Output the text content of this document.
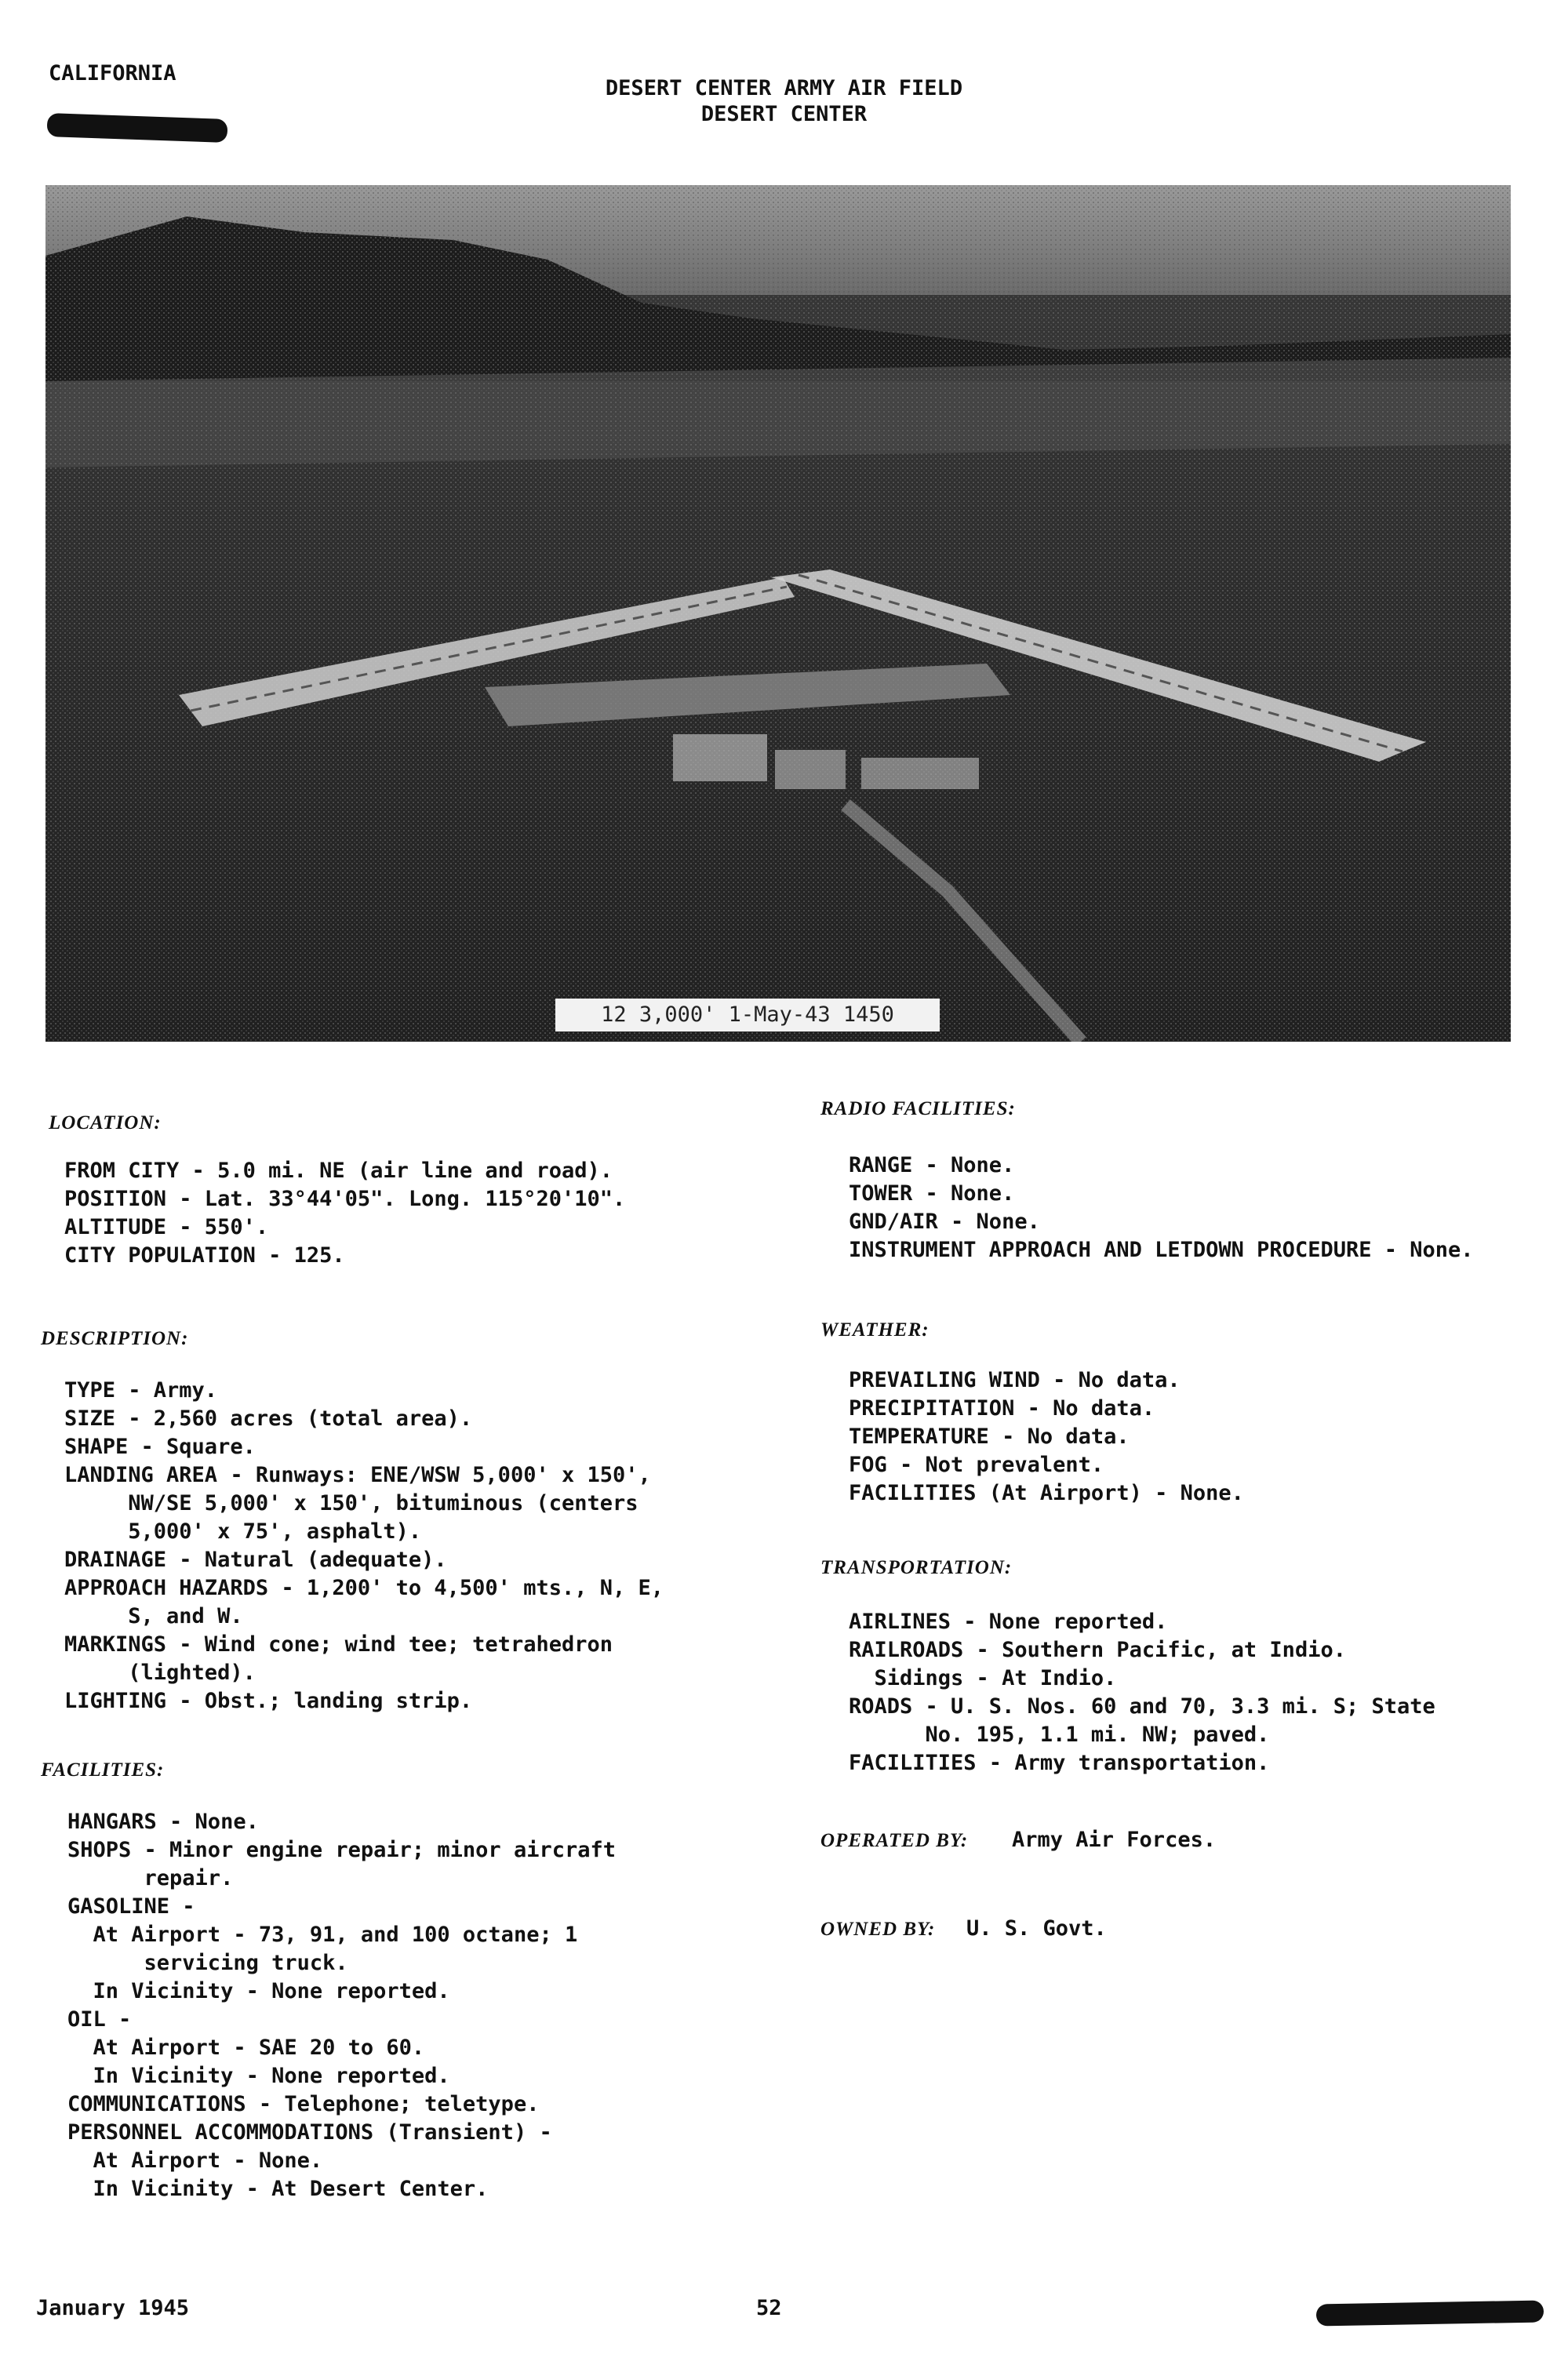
CALIFORNIA
DESERT CENTER ARMY AIR FIELD
DESERT CENTER
12 3,000' 1-May-43 1450
LOCATION:
FROM CITY - 5.0 mi. NE (air line and road).
POSITION - Lat. 33°44'05". Long. 115°20'10".
ALTITUDE - 550'.
CITY POPULATION - 125.
DESCRIPTION:
TYPE - Army.
SIZE - 2,560 acres (total area).
SHAPE - Square.
LANDING AREA - Runways: ENE/WSW 5,000' x 150',
NW/SE 5,000' x 150', bituminous (centers
5,000' x 75', asphalt).
DRAINAGE - Natural (adequate).
APPROACH HAZARDS - 1,200' to 4,500' mts., N, E,
S, and W.
MARKINGS - Wind cone; wind tee; tetrahedron
(lighted).
LIGHTING - Obst.; landing strip.
FACILITIES:
HANGARS - None.
SHOPS - Minor engine repair; minor aircraft
repair.
GASOLINE -
At Airport - 73, 91, and 100 octane; 1
servicing truck.
In Vicinity - None reported.
OIL -
At Airport - SAE 20 to 60.
In Vicinity - None reported.
COMMUNICATIONS - Telephone; teletype.
PERSONNEL ACCOMMODATIONS (Transient) -
At Airport - None.
In Vicinity - At Desert Center.
RADIO FACILITIES:
RANGE - None.
TOWER - None.
GND/AIR - None.
INSTRUMENT APPROACH AND LETDOWN PROCEDURE - None.
WEATHER:
PREVAILING WIND - No data.
PRECIPITATION - No data.
TEMPERATURE - No data.
FOG - Not prevalent.
FACILITIES (At Airport) - None.
TRANSPORTATION:
AIRLINES - None reported.
RAILROADS - Southern Pacific, at Indio.
Sidings - At Indio.
ROADS - U. S. Nos. 60 and 70, 3.3 mi. S; State
No. 195, 1.1 mi. NW; paved.
FACILITIES - Army transportation.
OPERATED BY: Army Air Forces.
OWNED BY: U. S. Govt.
January 1945	52
